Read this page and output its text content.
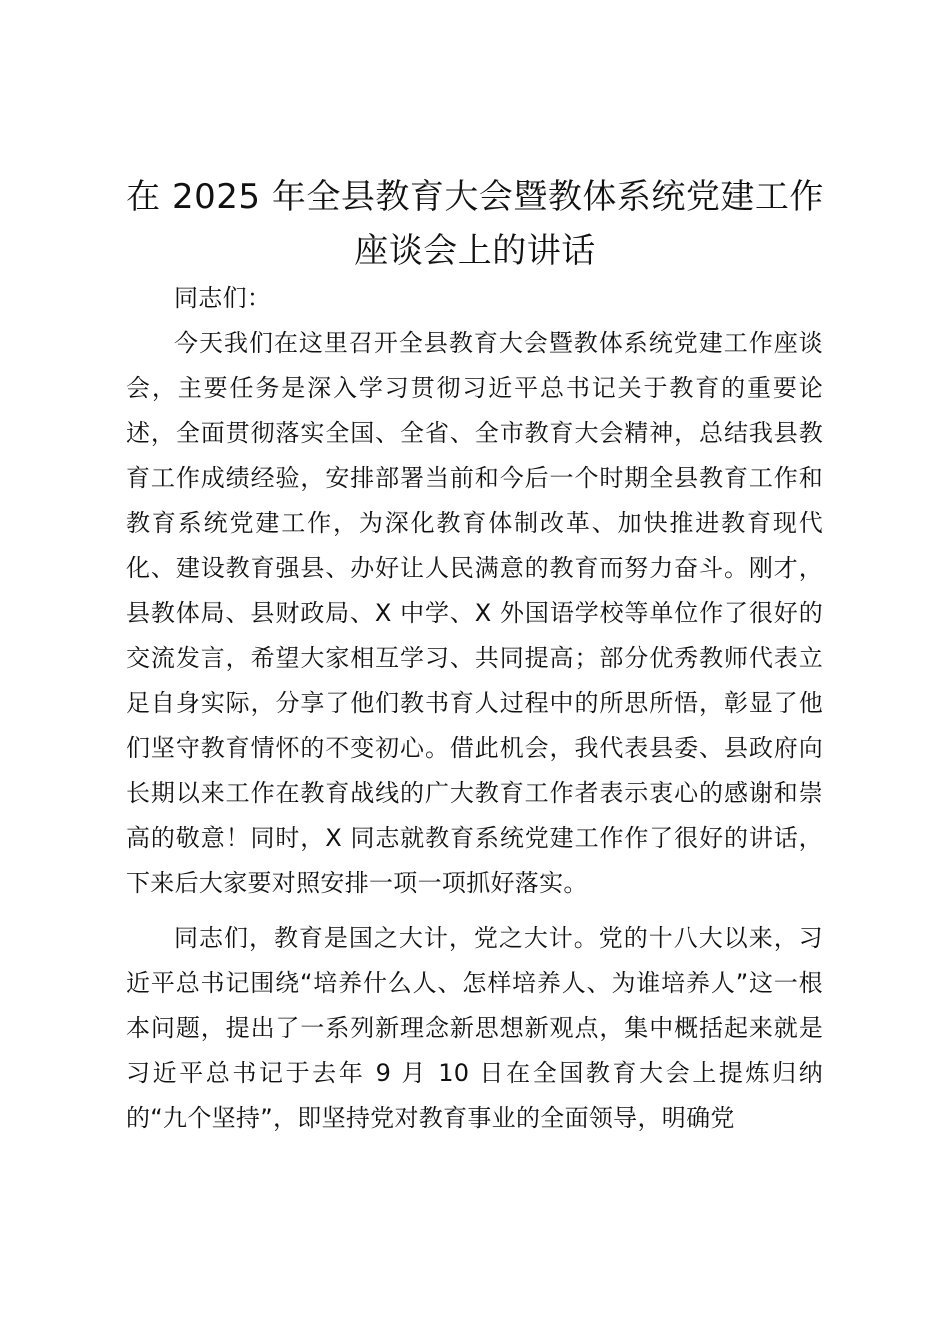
在 2025 年全县教育大会暨教体系统党建工作
座谈会上的讲话

同志们：

今天我们在这里召开全县教育大会暨教体系统党建工作座谈会，主要任务是深入学习贯彻习近平总书记关于教育的重要论述，全面贯彻落实全国、全省、全市教育大会精神，总结我县教育工作成绩经验，安排部署当前和今后一个时期全县教育工作和教育系统党建工作，为深化教育体制改革、加快推进教育现代化、建设教育强县、办好让人民满意的教育而努力奋斗。刚才，县教体局、县财政局、X 中学、X 外国语学校等单位作了很好的交流发言，希望大家相互学习、共同提高；部分优秀教师代表立足自身实际，分享了他们教书育人过程中的所思所悟，彰显了他们坚守教育情怀的不变初心。借此机会，我代表县委、县政府向长期以来工作在教育战线的广大教育工作者表示衷心的感谢和崇高的敬意！同时，X 同志就教育系统党建工作作了很好的讲话，下来后大家要对照安排一项一项抓好落实。

同志们，教育是国之大计，党之大计。党的十八大以来，习近平总书记围绕“培养什么人、怎样培养人、为谁培养人”这一根本问题，提出了一系列新理念新思想新观点，集中概括起来就是习近平总书记于去年 9 月 10 日在全国教育大会上提炼归纳的“九个坚持”，即坚持党对教育事业的全面领导，明确党
